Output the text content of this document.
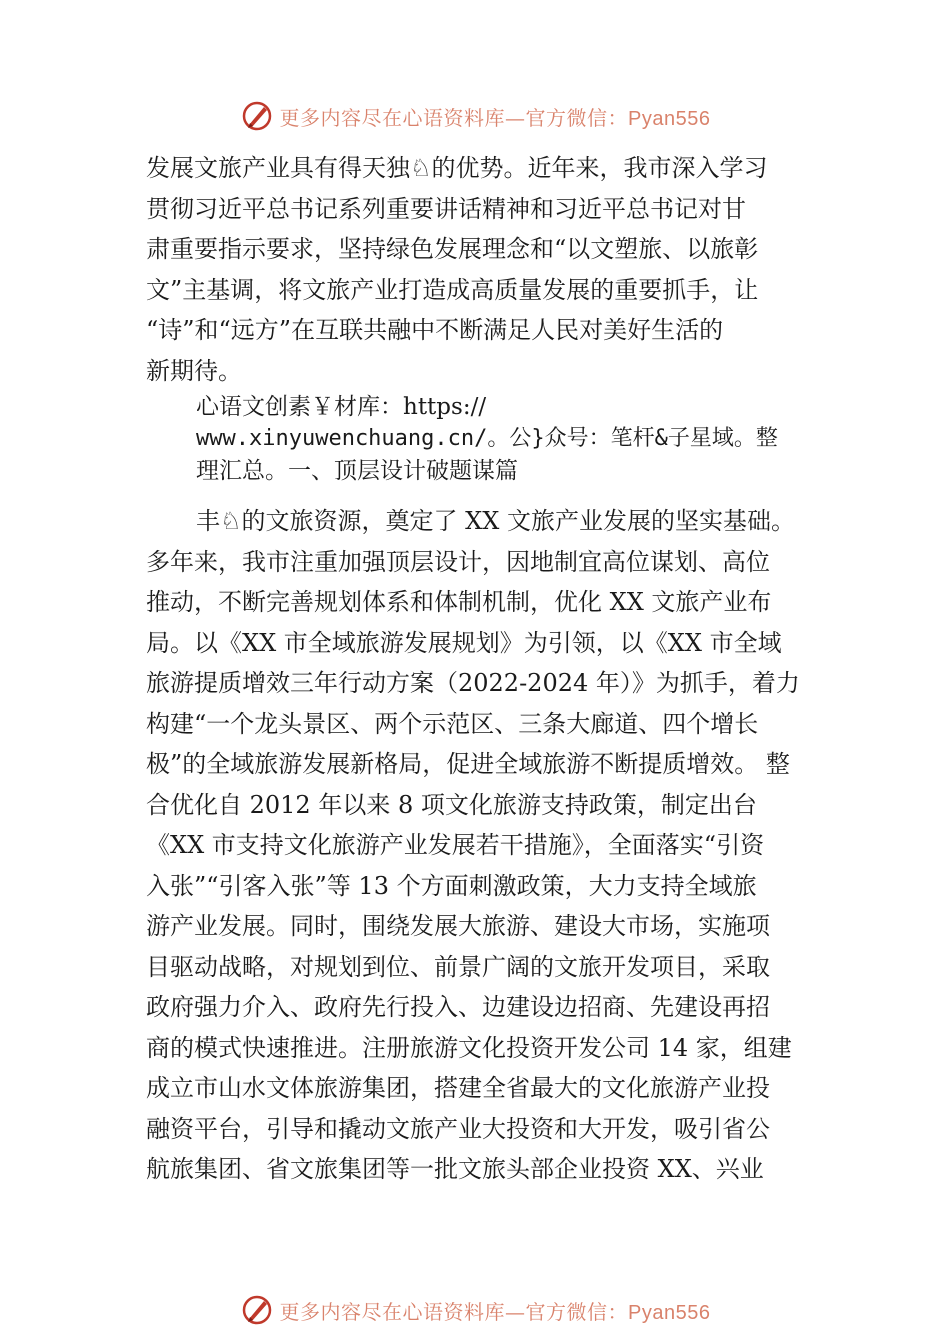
更多内容尽在心语资料库—官方微信：Pyan556
发展文旅产业具有得天独♘的优势。近年来，我市深入学习
贯彻习近平总书记系列重要讲话精神和习近平总书记对甘
肃重要指示要求，坚持绿色发展理念和“以文塑旅、以旅彰
文”主基调，将文旅产业打造成高质量发展的重要抓手，让
“诗”和“远方”在互联共融中不断满足人民对美好生活的
新期待。
心语文创素￥材库：https://
www.xinyuwenchuang.cn/。公}众号：笔杆&子星域。整
理汇总。一、顶层设计破题谋篇
丰♘的文旅资源，奠定了 XX 文旅产业发展的坚实基础。
多年来，我市注重加强顶层设计，因地制宜高位谋划、高位
推动，不断完善规划体系和体制机制，优化 XX 文旅产业布
局。以《XX 市全域旅游发展规划》为引领，以《XX 市全域
旅游提质增效三年行动方案（2022-2024 年）》为抓手，着力
构建“一个龙头景区、两个示范区、三条大廊道、四个增长
极”的全域旅游发展新格局，促进全域旅游不断提质增效。 整
合优化自 2012 年以来 8 项文化旅游支持政策，制定出台
《XX 市支持文化旅游产业发展若干措施》，全面落实“引资
入张”“引客入张”等 13 个方面刺激政策，大力支持全域旅
游产业发展。同时，围绕发展大旅游、建设大市场，实施项
目驱动战略，对规划到位、前景广阔的文旅开发项目，采取
政府强力介入、政府先行投入、边建设边招商、先建设再招
商的模式快速推进。注册旅游文化投资开发公司 14 家，组建
成立市山水文体旅游集团，搭建全省最大的文化旅游产业投
融资平台，引导和撬动文旅产业大投资和大开发，吸引省公
航旅集团、省文旅集团等一批文旅头部企业投资 XX、兴业
更多内容尽在心语资料库—官方微信：Pyan556
